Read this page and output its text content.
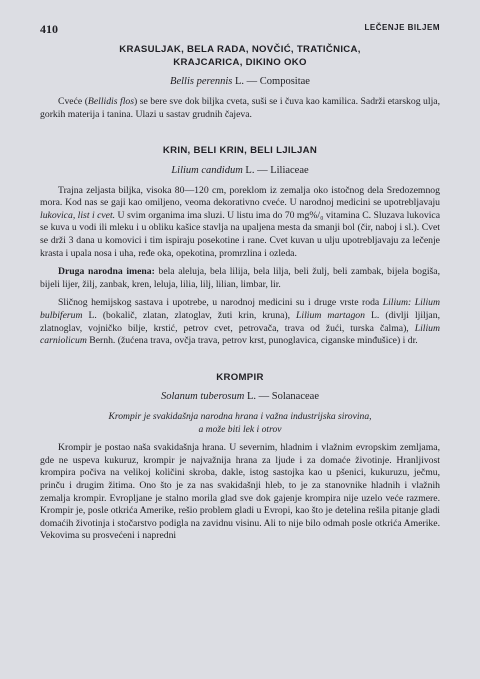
410	LEČENJE BILJEM
KRASULJAK, BELA RADA, NOVČIĆ, TRATIČNICA,
KRAJCARICA, DIKINO OKO
Bellis perennis L. — Compositae

Cveće (Bellidis flos) se bere sve dok biljka cveta, suši se i čuva kao kamilica. Sadrži etarskog ulja, gorkih materija i tanina. Ulazi u sastav grudnih čajeva.

KRIN, BELI KRIN, BELI LJILJAN
Lilium candidum L. — Liliaceae

Trajna zeljasta biljka, visoka 80—120 cm, poreklom iz zemalja oko istočnog dela Sredozemnog mora. Kod nas se gaji kao omiljeno, veoma dekorativno cveće. U narodnoj medicini se upotrebljavaju lukovica, list i cvet. U svim organima ima sluzi. U listu ima do 70 mg%/₀ vitamina C. Sluzava lukovica se kuva u vodi ili mleku i u obliku kašice stavlja na upaljena mesta da smanji bol (čir, naboj i sl.). Cvet se drži 3 dana u komovici i tim ispiraju posekotine i rane. Cvet kuvan u ulju upotrebljavaju za lečenje krasta i upala nosa i uha, ređe oka, opekotina, promrzlina i ozleda.

Druga narodna imena: bela aleluja, bela lilija, bela lilja, beli žulj, beli zambak, bijela bogiša, bijeli lijer, žilj, zanbak, kren, leluja, lilia, lilj, lilian, limbar, lir.

Sličnog hemijskog sastava i upotrebe, u narodnoj medicini su i druge vrste roda Lilium: Lilium bulbiferum L. (bokalič, zlatan, zlatoglav, žuti krin, kruna), Lilium martagon L. (divlji ljiljan, zlatnoglav, vojničko bilje, krstić, petrov cvet, petrovača, trava od žući, turska čalma), Lilium carniolicum Bernh. (žućena trava, ovčja trava, petrov krst, punoglavica, ciganske minđušice) i dr.

KROMPIR
Solanum tuberosum L. — Solanaceae
Krompir je svakidašnja narodna hrana i važna industrijska sirovina,
a može biti lek i otrov

Krompir je postao naša svakidašnja hrana. U severnim, hladnim i vlažnim evropskim zemljama, gde ne uspeva kukuruz, krompir je najvažnija hrana za ljude i za domaće životinje. Hranljivost krompira počiva na velikoj količini skroba, dakle, istog sastojka kao u pšenici, kukuruzu, ječmu, prinču i drugim žitima. Ono što je za nas svakidašnji hleb, to je za stanovnike hladnih i vlažnih zemalja krompir. Evropljane je stalno morila glad sve dok gajenje krompira nije uzelo veće razmere. Krompir je, posle otkrića Amerike, rešio problem gladi u Evropi, kao što je detelina rešila pitanje gladi domaćih životinja i stočarstvo podigla na zavidnu visinu. Ali to nije bilo odmah posle otkrića Amerike. Vekovima su prosvećeni i napredni
